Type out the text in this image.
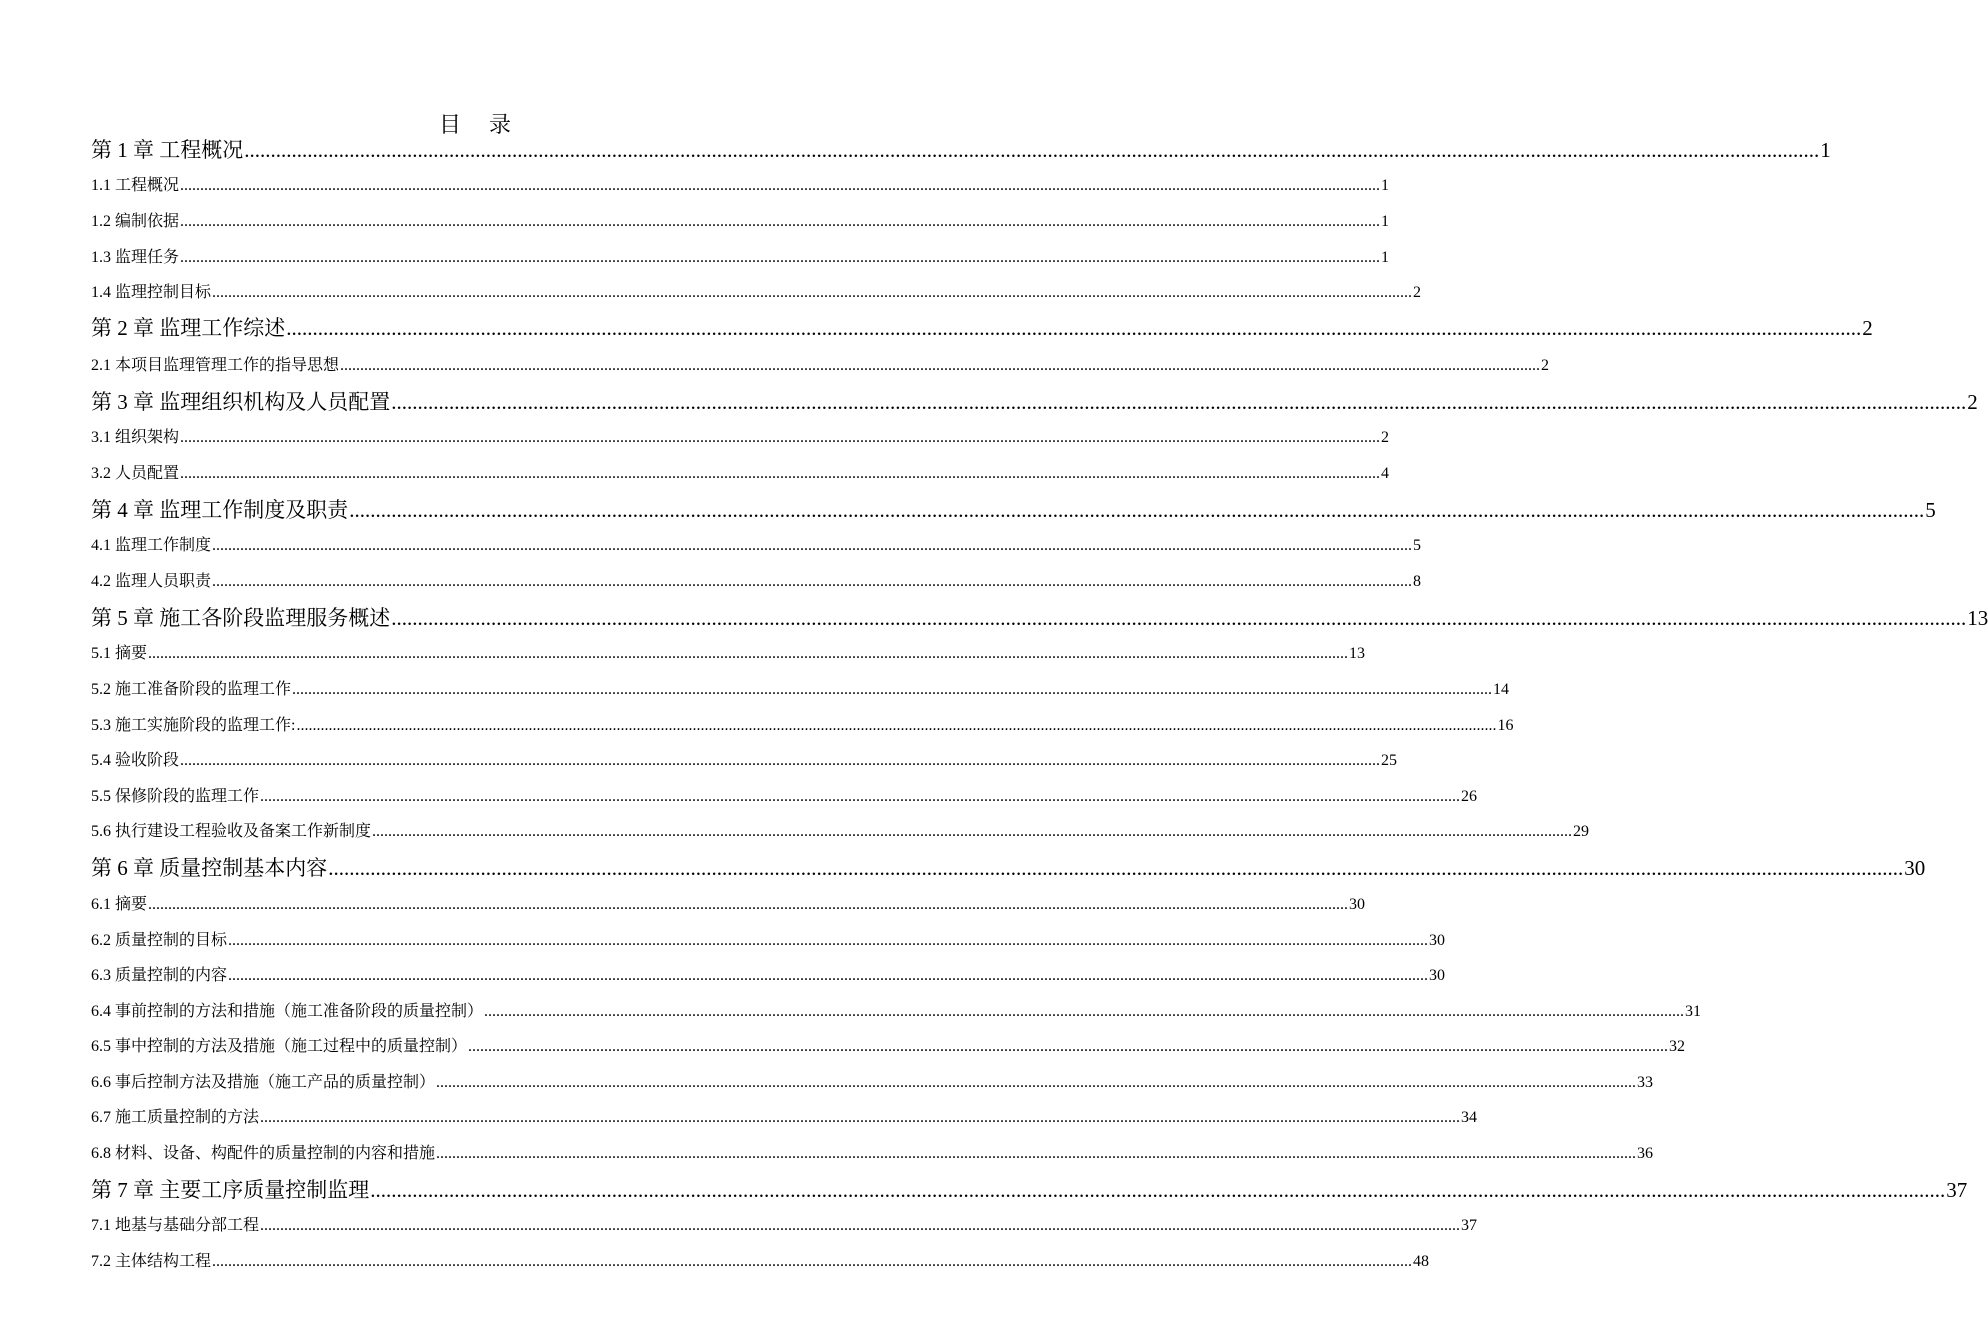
目录
第 1 章 工程概况 ............................................................................................................................................................................................................................................................................................................ 1
1.1 工程概况 ............................................................................................................................................................................................................................................................................................................ 1
1.2 编制依据 ............................................................................................................................................................................................................................................................................................................ 1
1.3 监理任务 ............................................................................................................................................................................................................................................................................................................ 1
1.4 监理控制目标 ............................................................................................................................................................................................................................................................................................................ 2
第 2 章 监理工作综述 ............................................................................................................................................................................................................................................................................................................ 2
2.1 本项目监理管理工作的指导思想 ............................................................................................................................................................................................................................................................................................................ 2
第 3 章 监理组织机构及人员配置 ............................................................................................................................................................................................................................................................................................................ 2
3.1 组织架构 ............................................................................................................................................................................................................................................................................................................ 2
3.2 人员配置 ............................................................................................................................................................................................................................................................................................................ 4
第 4 章 监理工作制度及职责 ............................................................................................................................................................................................................................................................................................................ 5
4.1 监理工作制度 ............................................................................................................................................................................................................................................................................................................ 5
4.2 监理人员职责 ............................................................................................................................................................................................................................................................................................................ 8
第 5 章 施工各阶段监理服务概述 ............................................................................................................................................................................................................................................................................................................ 13
5.1 摘要 ............................................................................................................................................................................................................................................................................................................ 13
5.2 施工准备阶段的监理工作 ............................................................................................................................................................................................................................................................................................................ 14
5.3 施工实施阶段的监理工作: ............................................................................................................................................................................................................................................................................................................ 16
5.4 验收阶段 ............................................................................................................................................................................................................................................................................................................ 25
5.5 保修阶段的监理工作 ............................................................................................................................................................................................................................................................................................................ 26
5.6 执行建设工程验收及备案工作新制度 ............................................................................................................................................................................................................................................................................................................ 29
第 6 章 质量控制基本内容 ............................................................................................................................................................................................................................................................................................................ 30
6.1 摘要 ............................................................................................................................................................................................................................................................................................................ 30
6.2 质量控制的目标 ............................................................................................................................................................................................................................................................................................................ 30
6.3 质量控制的内容 ............................................................................................................................................................................................................................................................................................................ 30
6.4 事前控制的方法和措施（施工准备阶段的质量控制） ............................................................................................................................................................................................................................................................................................................ 31
6.5 事中控制的方法及措施（施工过程中的质量控制） ............................................................................................................................................................................................................................................................................................................ 32
6.6 事后控制方法及措施（施工产品的质量控制） ............................................................................................................................................................................................................................................................................................................ 33
6.7 施工质量控制的方法 ............................................................................................................................................................................................................................................................................................................ 34
6.8 材料、设备、构配件的质量控制的内容和措施 ............................................................................................................................................................................................................................................................................................................ 36
第 7 章 主要工序质量控制监理 ............................................................................................................................................................................................................................................................................................................ 37
7.1 地基与基础分部工程 ............................................................................................................................................................................................................................................................................................................ 37
7.2 主体结构工程 ............................................................................................................................................................................................................................................................................................................ 48
